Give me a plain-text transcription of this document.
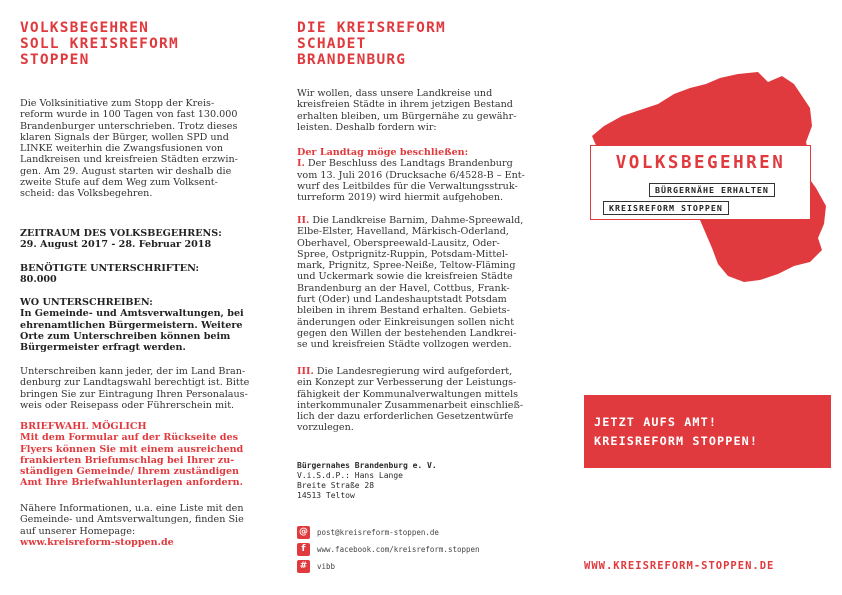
VOLKSBEGEHREN
SOLL KREISREFORM
STOPPEN
Die Volksinitiative zum Stopp der Kreis-
reform wurde in 100 Tagen von fast 130.000
Brandenburger unterschrieben. Trotz dieses
klaren Signals der Bürger, wollen SPD und
LINKE weiterhin die Zwangsfusionen von
Landkreisen und kreisfreien Städten erzwin-
gen. Am 29. August starten wir deshalb die
zweite Stufe auf dem Weg zum Volksent-
scheid: das Volksbegehren.
ZEITRAUM DES VOLKSBEGEHRENS:
29. August 2017 - 28. Februar 2018
BENÖTIGTE UNTERSCHRIFTEN:
80.000
WO UNTERSCHREIBEN:
In Gemeinde- und Amtsverwaltungen, bei
ehrenamtlichen Bürgermeistern. Weitere
Orte zum Unterschreiben können beim
Bürgermeister erfragt werden.
Unterschreiben kann jeder, der im Land Bran-
denburg zur Landtagswahl berechtigt ist. Bitte
bringen Sie zur Eintragung Ihren Personalaus-
weis oder Reisepass oder Führerschein mit.
BRIEFWAHL MÖGLICH
Mit dem Formular auf der Rückseite des
Flyers können Sie mit einem ausreichend
frankierten Briefumschlag bei Ihrer zu-
ständigen Gemeinde/ Ihrem zuständigen
Amt Ihre Briefwahlunterlagen anfordern.
Nähere Informationen, u.a. eine Liste mit den
Gemeinde- und Amtsverwaltungen, finden Sie
auf unserer Homepage:
www.kreisreform-stoppen.de
DIE KREISREFORM
SCHADET
BRANDENBURG
Wir wollen, dass unsere Landkreise und
kreisfreien Städte in ihrem jetzigen Bestand
erhalten bleiben, um Bürgernähe zu gewähr-
leisten. Deshalb fordern wir:
Der Landtag möge beschließen:
I. Der Beschluss des Landtags Brandenburg
vom 13. Juli 2016 (Drucksache 6/4528-B – Ent-
wurf des Leitbildes für die Verwaltungsstruk-
turreform 2019) wird hiermit aufgehoben.
II. Die Landkreise Barnim, Dahme-Spreewald,
Elbe-Elster, Havelland, Märkisch-Oderland,
Oberhavel, Oberspreewald-Lausitz, Oder-
Spree, Ostprignitz-Ruppin, Potsdam-Mittel-
mark, Prignitz, Spree-Neiße, Teltow-Fläming
und Uckermark sowie die kreisfreien Städte
Brandenburg an der Havel, Cottbus, Frank-
furt (Oder) und Landeshauptstadt Potsdam
bleiben in ihrem Bestand erhalten. Gebiets-
änderungen oder Einkreisungen sollen nicht
gegen den Willen der bestehenden Landkrei-
se und kreisfreien Städte vollzogen werden.
III. Die Landesregierung wird aufgefordert,
ein Konzept zur Verbesserung der Leistungs-
fähigkeit der Kommunalverwaltungen mittels
interkommunaler Zusammenarbeit einschließ-
lich der dazu erforderlichen Gesetzentwürfe
vorzulegen.
Bürgernahes Brandenburg e. V.
V.i.S.d.P.: Hans Lange
Breite Straße 28
14513 Teltow
@ post@kreisreform-stoppen.de
f	www.facebook.com/kreisreform.stoppen
#	vibb
VOLKSBEGEHREN
BÜRGERNÄHE ERHALTEN
KREISREFORM STOPPEN
JETZT AUFS AMT!
KREISREFORM STOPPEN!
WWW.KREISREFORM-STOPPEN.DE
